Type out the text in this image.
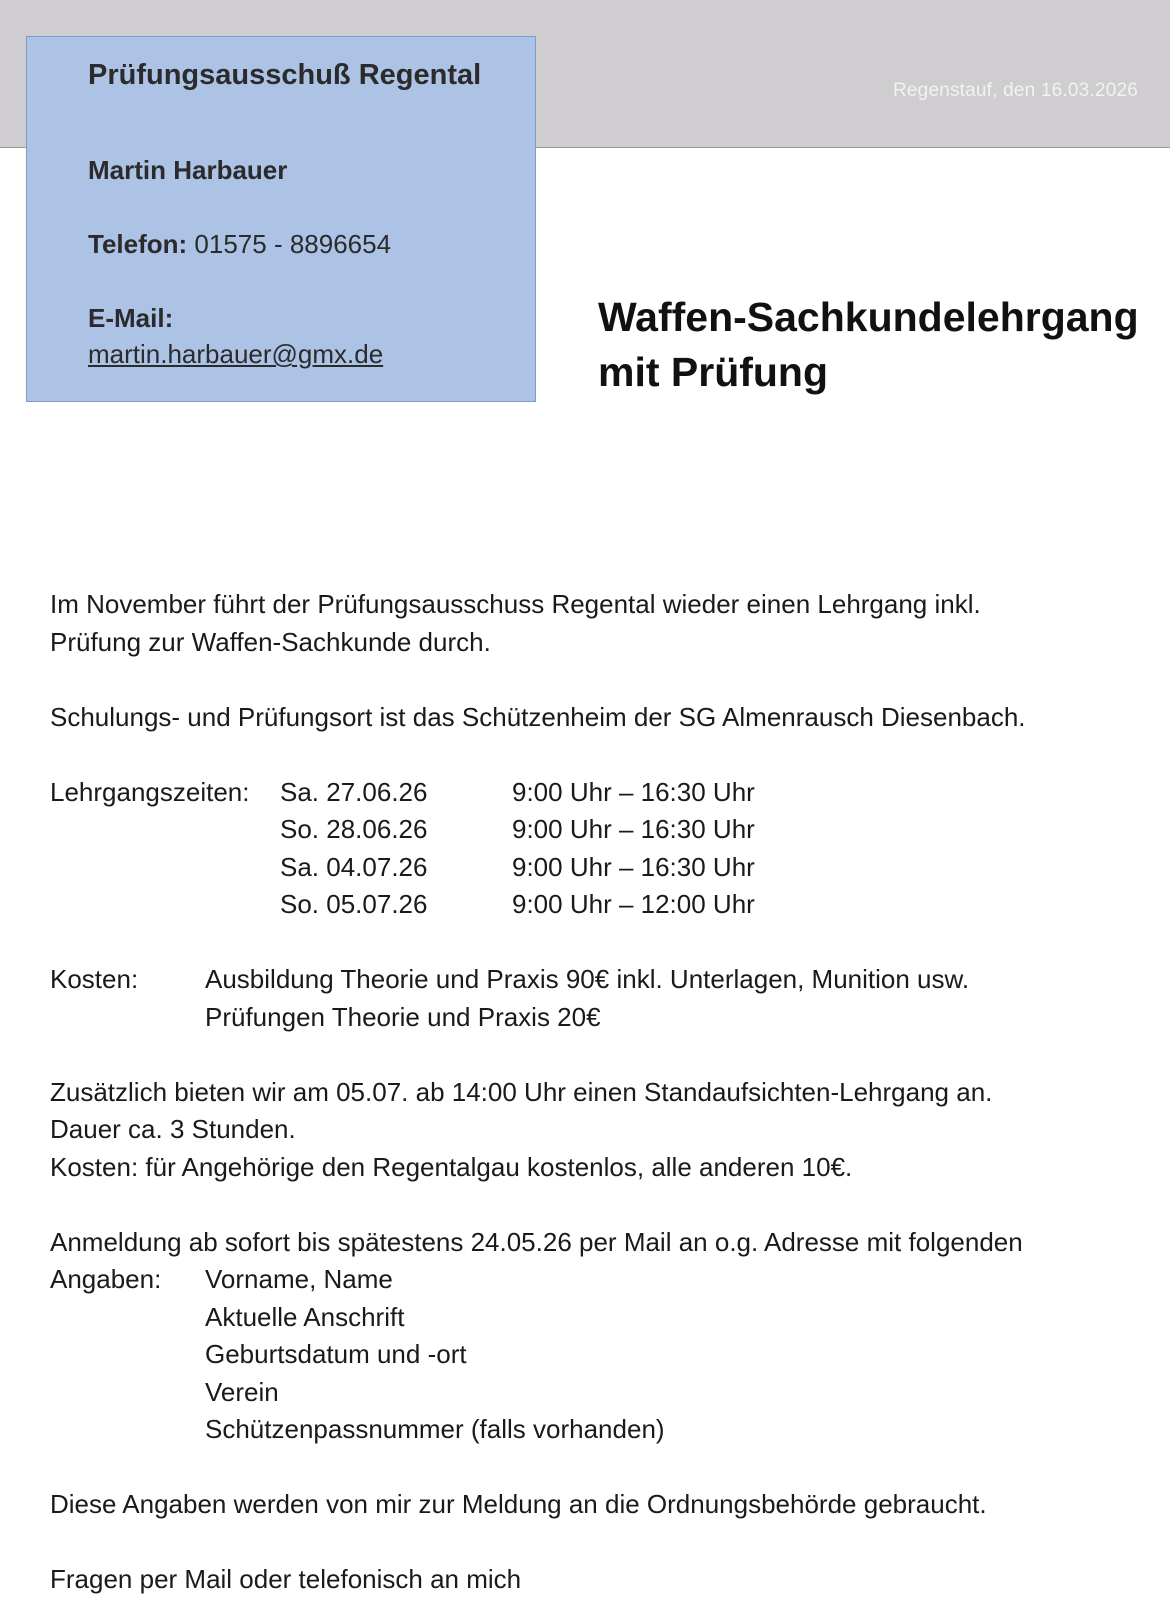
Regenstauf, den 16.03.2026
Prüfungsausschuß Regental
Martin Harbauer
Telefon: 01575 - 8896654
E-Mail:
martin.harbauer@gmx.de
Waffen-Sachkundelehrgang
mit Prüfung

Im November führt der Prüfungsausschuss Regental wieder einen Lehrgang inkl.

Prüfung zur Waffen-Sachkunde durch.

Schulungs- und Prüfungsort ist das Schützenheim der SG Almenrausch Diesenbach.

Lehrgangszeiten:	Sa. 27.06.26	9:00 Uhr – 16:30 Uhr
So. 28.06.26	9:00 Uhr – 16:30 Uhr
Sa. 04.07.26	9:00 Uhr – 16:30 Uhr
So. 05.07.26	9:00 Uhr – 12:00 Uhr
Kosten:	Ausbildung Theorie und Praxis 90€ inkl. Unterlagen, Munition usw.
Prüfungen Theorie und Praxis 20€

Zusätzlich bieten wir am 05.07. ab 14:00 Uhr einen Standaufsichten-Lehrgang an.

Dauer ca. 3 Stunden.

Kosten: für Angehörige den Regentalgau kostenlos, alle anderen 10€.

Anmeldung ab sofort bis spätestens 24.05.26 per Mail an o.g. Adresse mit folgenden

Angaben:	Vorname, Name
Aktuelle Anschrift
Geburtsdatum und -ort
Verein
Schützenpassnummer (falls vorhanden)

Diese Angaben werden von mir zur Meldung an die Ordnungsbehörde gebraucht.

Fragen per Mail oder telefonisch an mich
